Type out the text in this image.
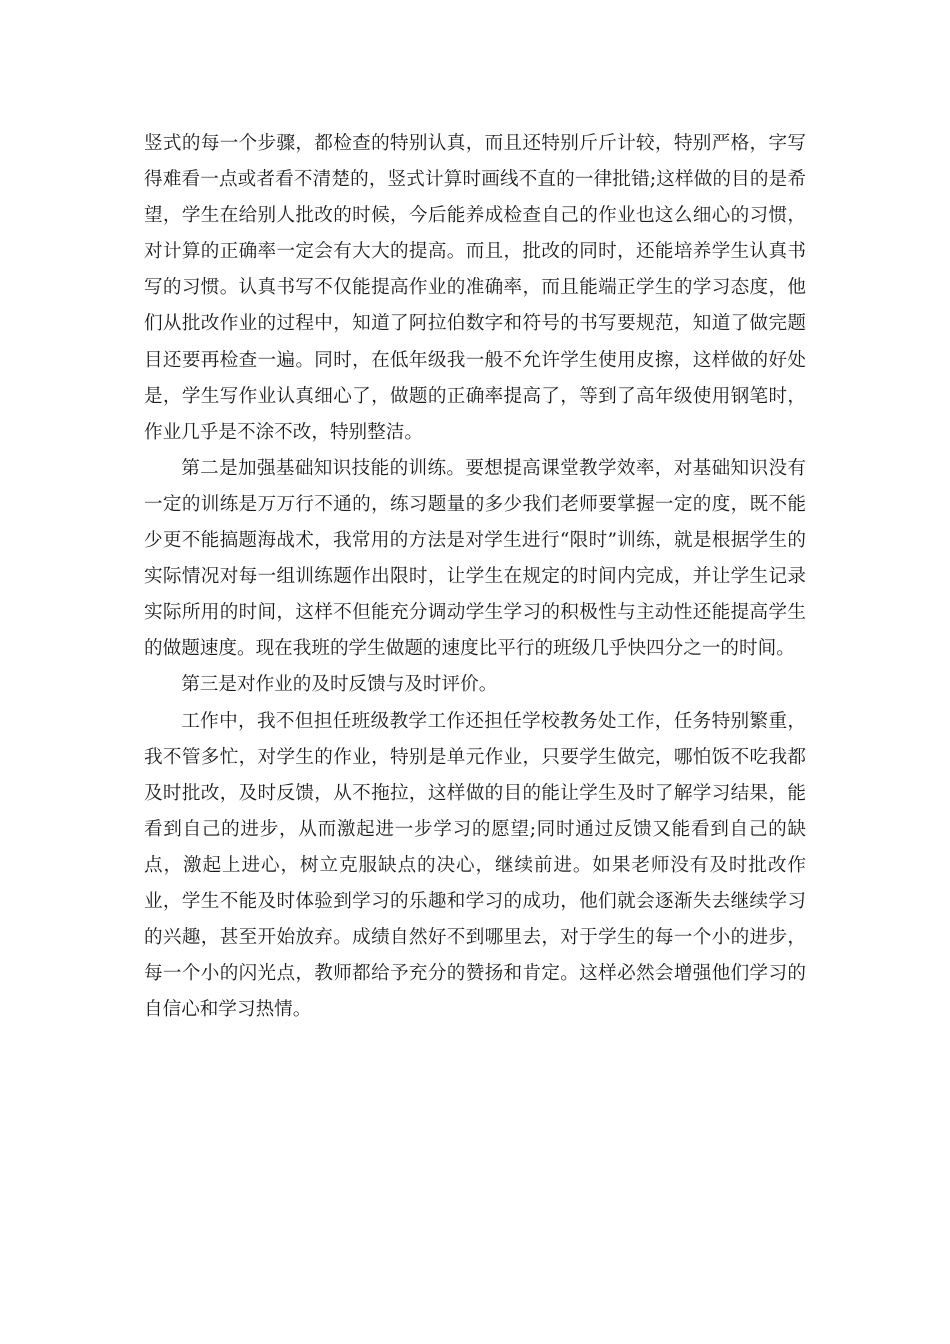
竖式的每一个步骤，都检查的特别认真，而且还特别斤斤计较，特别严格，字写得难看一点或者看不清楚的，竖式计算时画线不直的一律批错;这样做的目的是希望，学生在给别人批改的时候，今后能养成检查自己的作业也这么细心的习惯，对计算的正确率一定会有大大的提高。而且，批改的同时，还能培养学生认真书写的习惯。认真书写不仅能提高作业的准确率，而且能端正学生的学习态度，他们从批改作业的过程中，知道了阿拉伯数字和符号的书写要规范，知道了做完题目还要再检查一遍。同时，在低年级我一般不允许学生使用皮擦，这样做的好处是，学生写作业认真细心了，做题的正确率提高了，等到了高年级使用钢笔时，作业几乎是不涂不改，特别整洁。

第二是加强基础知识技能的训练。要想提高课堂教学效率，对基础知识没有一定的训练是万万行不通的，练习题量的多少我们老师要掌握一定的度，既不能少更不能搞题海战术，我常用的方法是对学生进行“限时”训练，就是根据学生的实际情况对每一组训练题作出限时，让学生在规定的时间内完成，并让学生记录实际所用的时间，这样不但能充分调动学生学习的积极性与主动性还能提高学生的做题速度。现在我班的学生做题的速度比平行的班级几乎快四分之一的时间。

第三是对作业的及时反馈与及时评价。

工作中，我不但担任班级教学工作还担任学校教务处工作，任务特别繁重，我不管多忙，对学生的作业，特别是单元作业，只要学生做完，哪怕饭不吃我都及时批改，及时反馈，从不拖拉，这样做的目的能让学生及时了解学习结果，能看到自己的进步，从而激起进一步学习的愿望;同时通过反馈又能看到自己的缺点，激起上进心，树立克服缺点的决心，继续前进。如果老师没有及时批改作业，学生不能及时体验到学习的乐趣和学习的成功，他们就会逐渐失去继续学习的兴趣，甚至开始放弃。成绩自然好不到哪里去，对于学生的每一个小的进步，每一个小的闪光点，教师都给予充分的赞扬和肯定。这样必然会增强他们学习的自信心和学习热情。
